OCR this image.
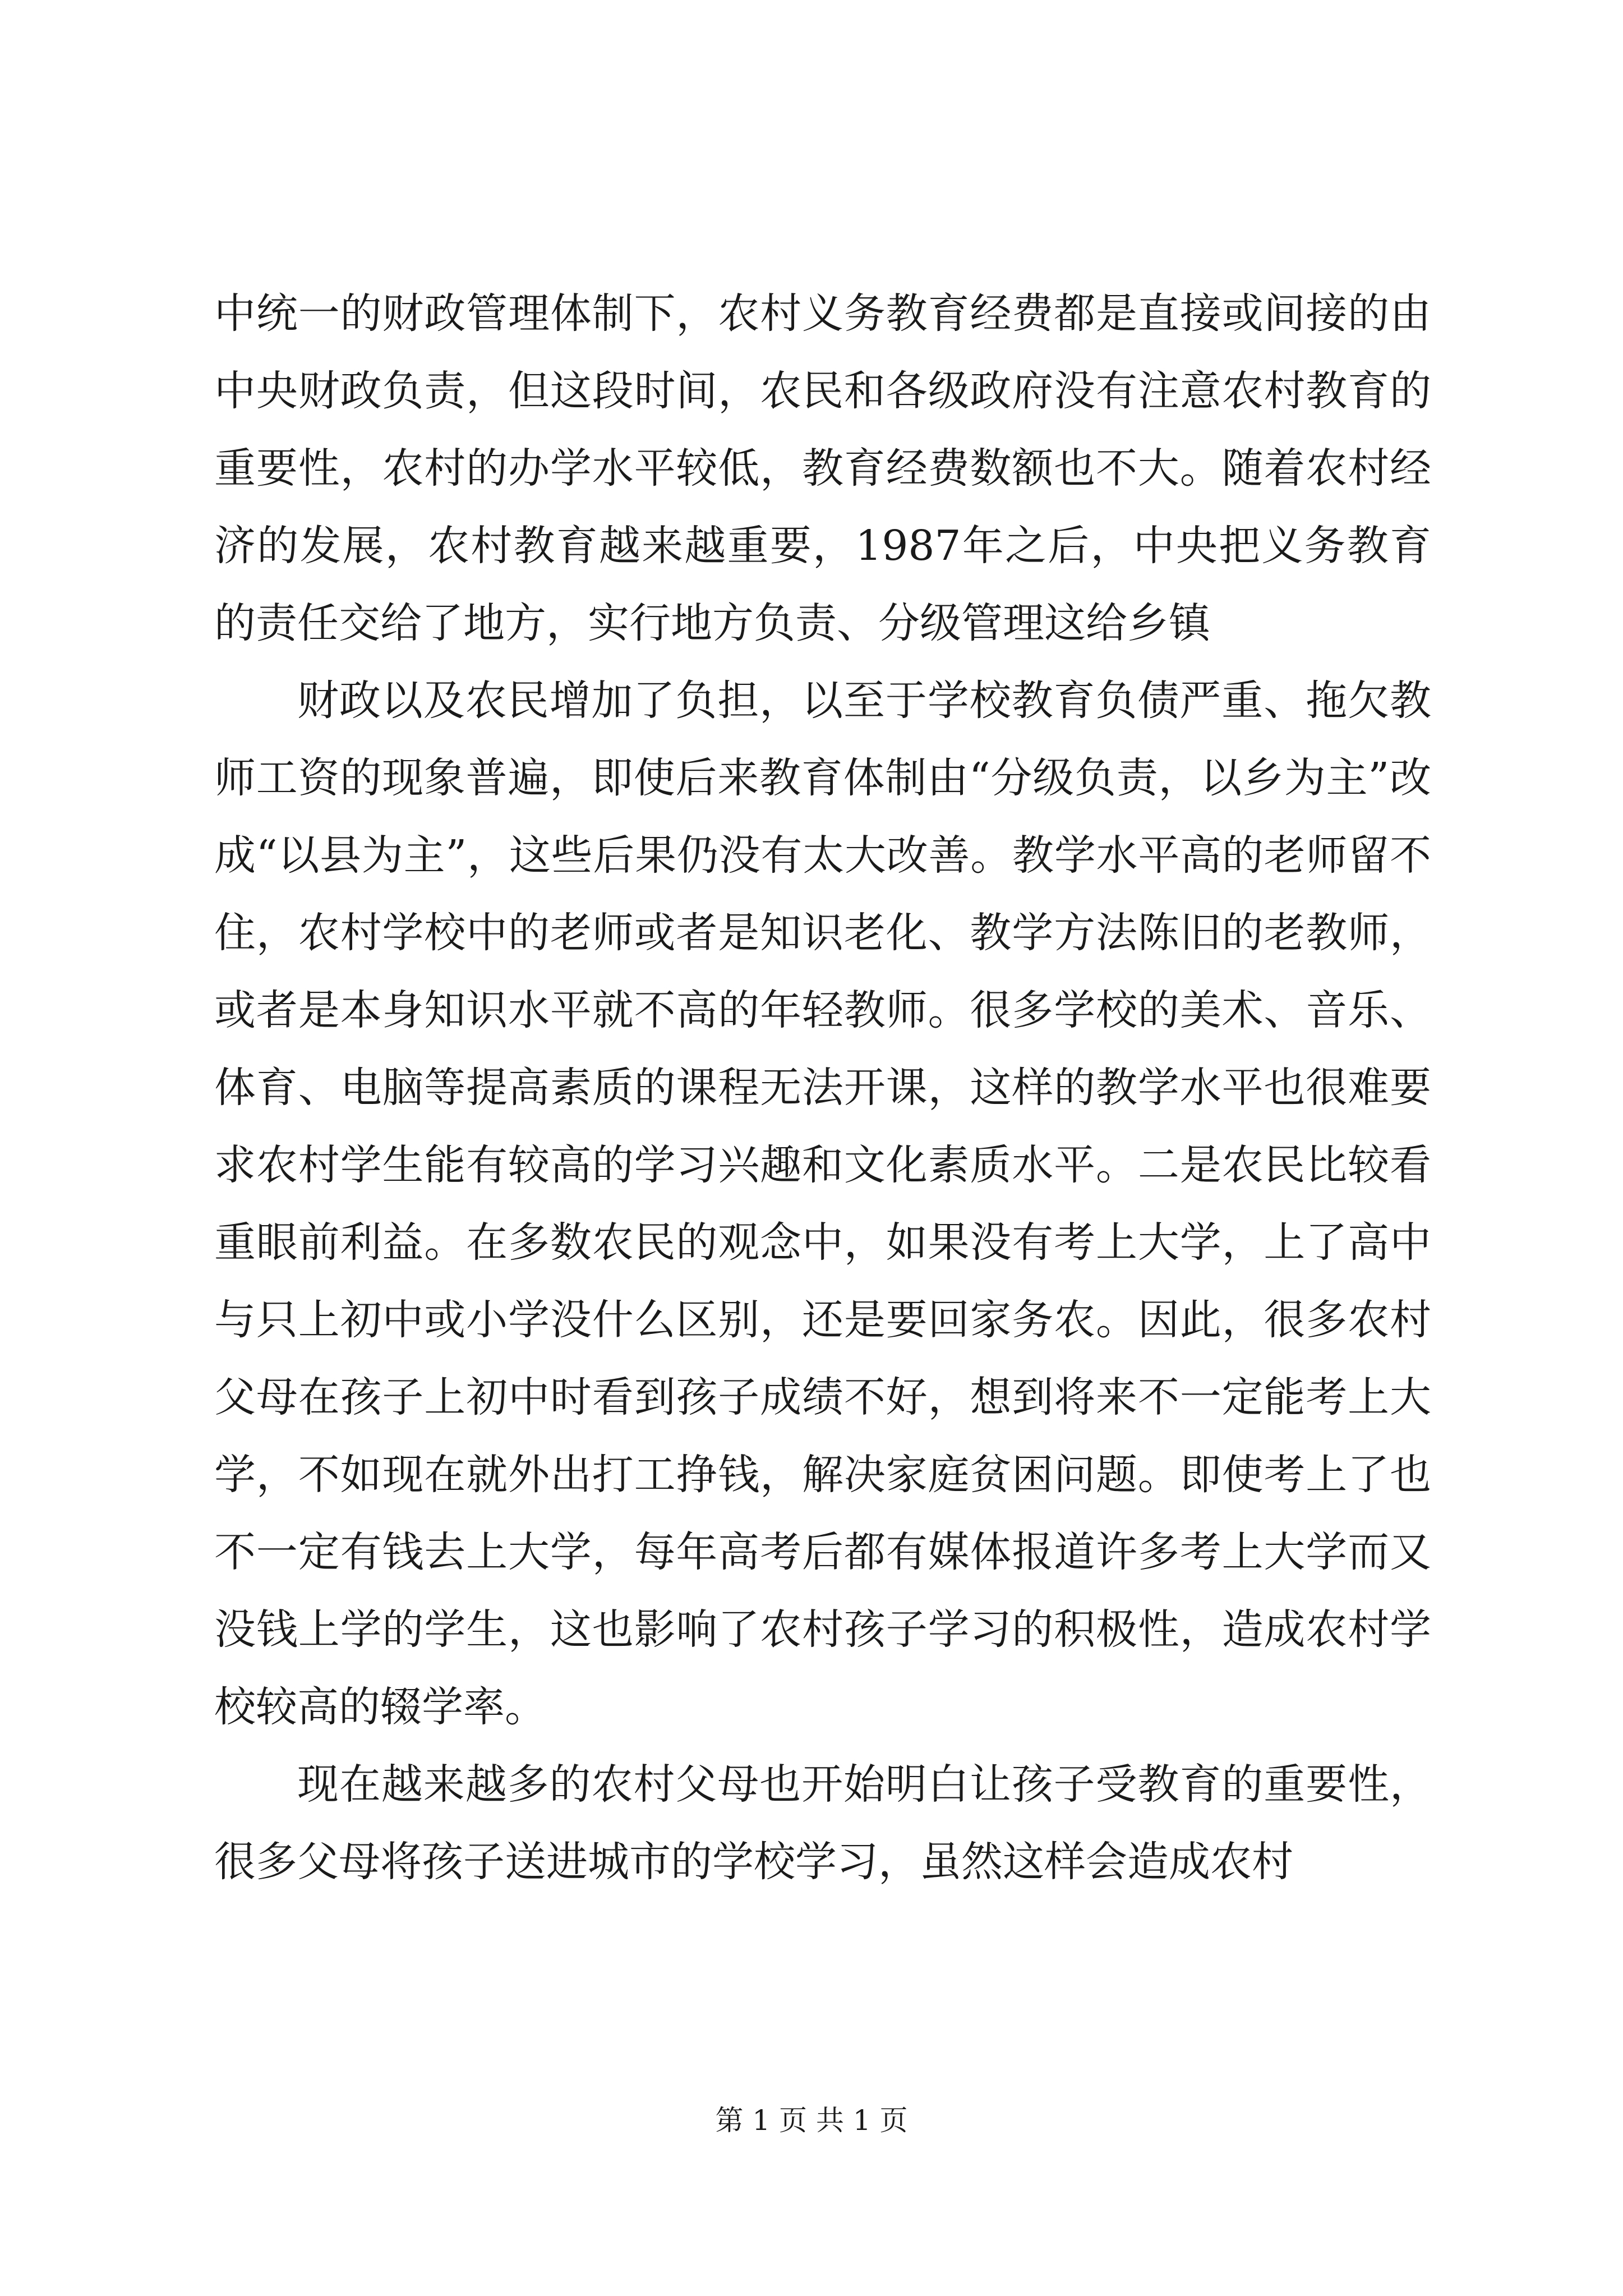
中统一的财政管理体制下，农村义务教育经费都是直接或间接的由中央财政负责，但这段时间，农民和各级政府没有注意农村教育的重要性，农村的办学水平较低，教育经费数额也不大。随着农村经济的发展，农村教育越来越重要，1987年之后，中央把义务教育的责任交给了地方，实行地方负责、分级管理这给乡镇

财政以及农民增加了负担，以至于学校教育负债严重、拖欠教师工资的现象普遍，即使后来教育体制由“分级负责，以乡为主”改成“以县为主”，这些后果仍没有太大改善。教学水平高的老师留不住，农村学校中的老师或者是知识老化、教学方法陈旧的老教师，或者是本身知识水平就不高的年轻教师。很多学校的美术、音乐、体育、电脑等提高素质的课程无法开课，这样的教学水平也很难要求农村学生能有较高的学习兴趣和文化素质水平。二是农民比较看重眼前利益。在多数农民的观念中，如果没有考上大学，上了高中与只上初中或小学没什么区别，还是要回家务农。因此，很多农村父母在孩子上初中时看到孩子成绩不好，想到将来不一定能考上大学，不如现在就外出打工挣钱，解决家庭贫困问题。即使考上了也不一定有钱去上大学，每年高考后都有媒体报道许多考上大学而又没钱上学的学生，这也影响了农村孩子学习的积极性，造成农村学校较高的辍学率。

现在越来越多的农村父母也开始明白让孩子受教育的重要性，很多父母将孩子送进城市的学校学习，虽然这样会造成农村

第 1 页 共 1 页
